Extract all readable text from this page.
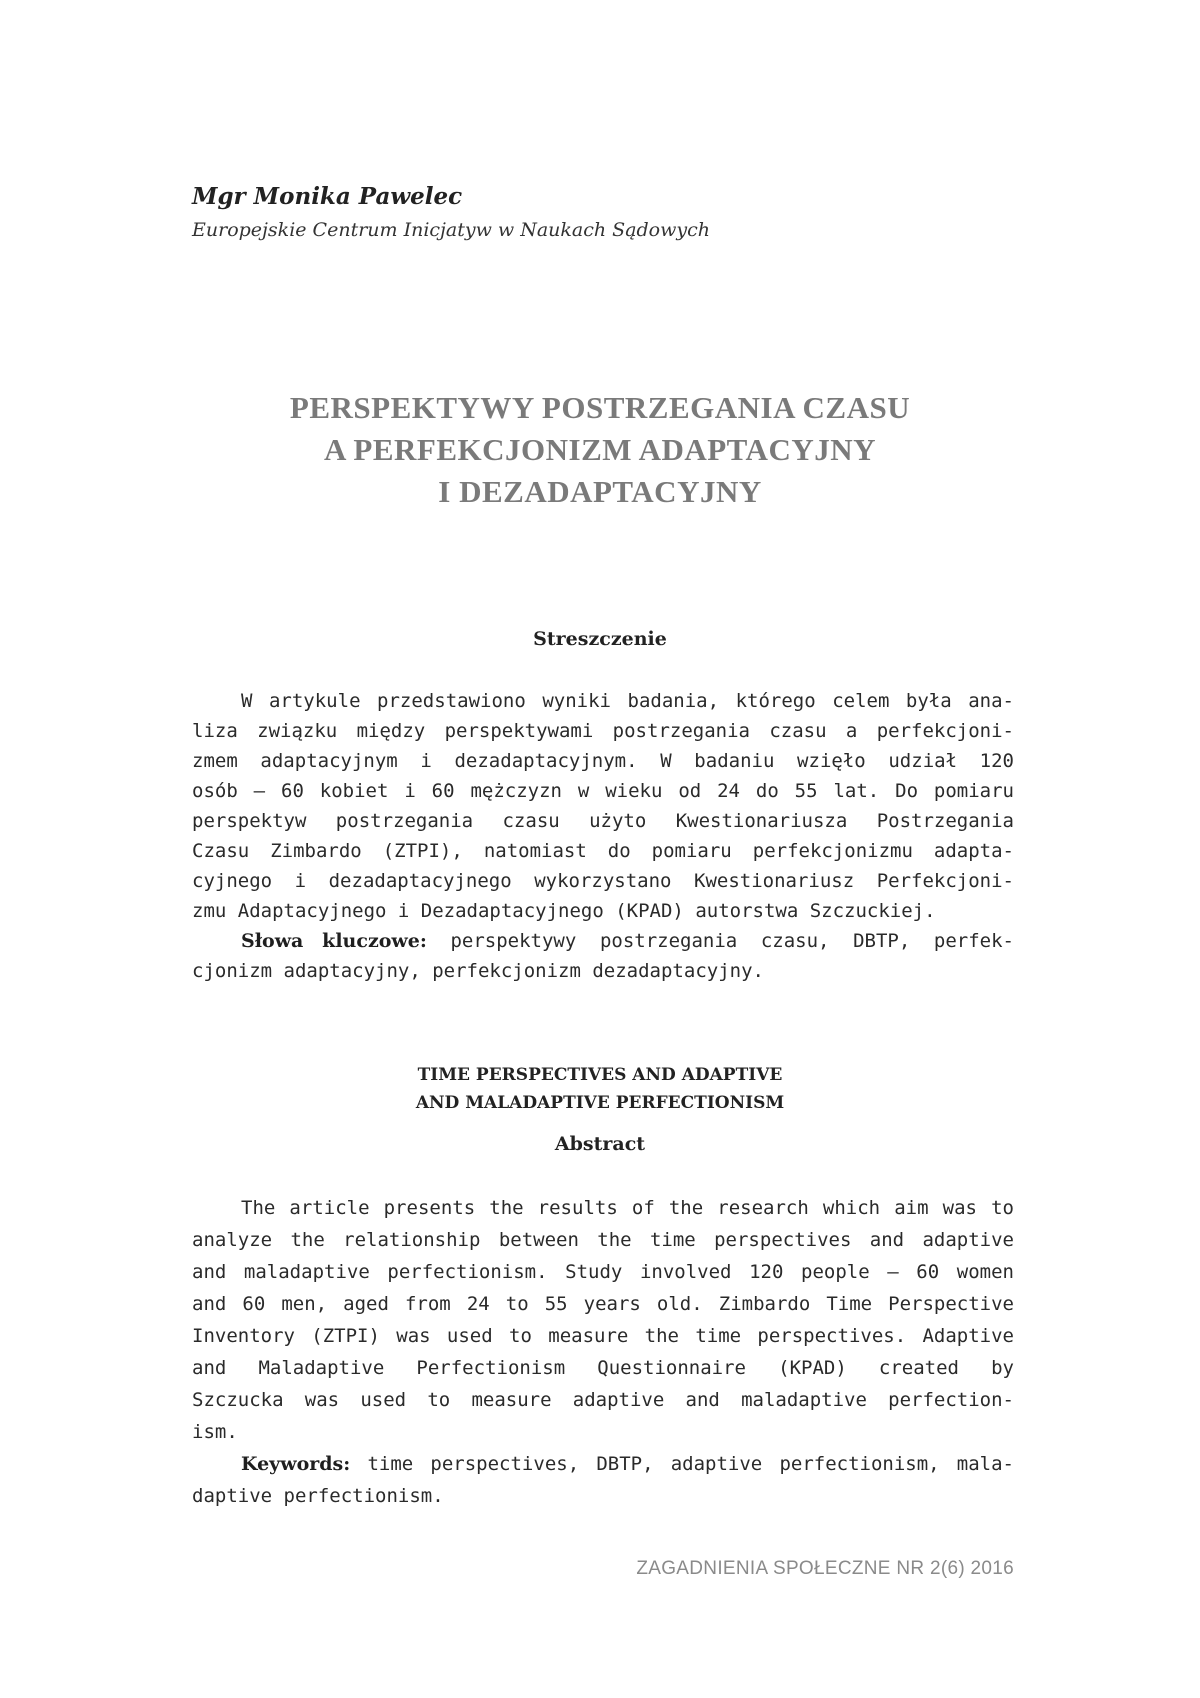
Mgr Monika Pawelec
Europejskie Centrum Inicjatyw w Naukach Sądowych
PERSPEKTYWY POSTRZEGANIA CZASU
A PERFEKCJONIZM ADAPTACYJNY
I DEZADAPTACYJNY
Streszczenie
W artykule przedstawiono wyniki badania, którego celem była ana-
liza związku między perspektywami postrzegania czasu a perfekcjoni-
zmem adaptacyjnym i dezadaptacyjnym. W badaniu wzięło udział 120
osób – 60 kobiet i 60 mężczyzn w wieku od 24 do 55 lat. Do pomiaru
perspektyw postrzegania czasu użyto Kwestionariusza Postrzegania
Czasu Zimbardo (ZTPI), natomiast do pomiaru perfekcjonizmu adapta-
cyjnego i dezadaptacyjnego wykorzystano Kwestionariusz Perfekcjoni-
zmu Adaptacyjnego i Dezadaptacyjnego (KPAD) autorstwa Szczuckiej.
Słowa kluczowe: perspektywy postrzegania czasu, DBTP, perfek-
cjonizm adaptacyjny, perfekcjonizm dezadaptacyjny.
TIME PERSPECTIVES AND ADAPTIVE
AND MALADAPTIVE PERFECTIONISM
Abstract
The article presents the results of the research which aim was to
analyze the relationship between the time perspectives and adaptive
and maladaptive perfectionism. Study involved 120 people – 60 women
and 60 men, aged from 24 to 55 years old. Zimbardo Time Perspective
Inventory (ZTPI) was used to measure the time perspectives. Adaptive
and Maladaptive Perfectionism Questionnaire (KPAD) created by
Szczucka was used to measure adaptive and maladaptive perfection-
ism.
Keywords: time perspectives, DBTP, adaptive perfectionism, mala-
daptive perfectionism.
ZAGADNIENIA SPOŁECZNE NR 2(6) 2016
